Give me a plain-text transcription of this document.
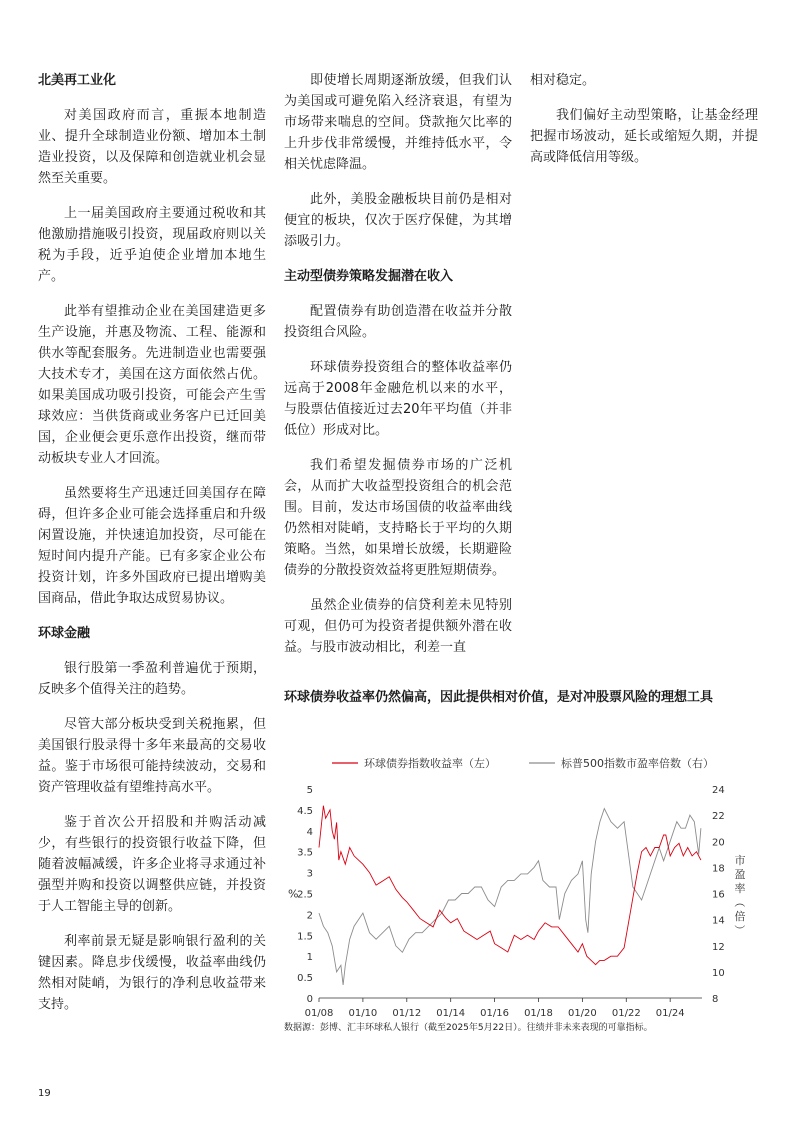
北美再工业化

对美国政府而言，重振本地制造业、提升全球制造业份额、增加本土制造业投资，以及保障和创造就业机会显然至关重要。

上一届美国政府主要通过税收和其他激励措施吸引投资，现届政府则以关税为手段，近乎迫使企业增加本地生产。

此举有望推动企业在美国建造更多生产设施，并惠及物流、工程、能源和供水等配套服务。先进制造业也需要强大技术专才，美国在这方面依然占优。如果美国成功吸引投资，可能会产生雪球效应：当供货商或业务客户已迁回美国，企业便会更乐意作出投资，继而带动板块专业人才回流。

虽然要将生产迅速迁回美国存在障碍，但许多企业可能会选择重启和升级闲置设施，并快速追加投资，尽可能在短时间内提升产能。已有多家企业公布投资计划，许多外国政府已提出增购美国商品，借此争取达成贸易协议。

环球金融

银行股第一季盈利普遍优于预期，反映多个值得关注的趋势。

尽管大部分板块受到关税拖累，但美国银行股录得十多年来最高的交易收益。鉴于市场很可能持续波动，交易和资产管理收益有望维持高水平。

鉴于首次公开招股和并购活动减少，有些银行的投资银行收益下降，但随着波幅减缓，许多企业将寻求通过补强型并购和投资以调整供应链，并投资于人工智能主导的创新。

利率前景无疑是影响银行盈利的关键因素。降息步伐缓慢，收益率曲线仍然相对陡峭，为银行的净利息收益带来支持。

即使增长周期逐渐放缓，但我们认为美国或可避免陷入经济衰退，有望为市场带来喘息的空间。贷款拖欠比率的上升步伐非常缓慢，并维持低水平，令相关忧虑降温。

此外，美股金融板块目前仍是相对便宜的板块，仅次于医疗保健，为其增添吸引力。

主动型债券策略发掘潜在收入

配置债券有助创造潜在收益并分散投资组合风险。

环球债券投资组合的整体收益率仍远高于2008年金融危机以来的水平，与股票估值接近过去20年平均值（并非低位）形成对比。

我们希望发掘债券市场的广泛机会，从而扩大收益型投资组合的机会范围。目前，发达市场国债的收益率曲线仍然相对陡峭，支持略长于平均的久期策略。当然，如果增长放缓，长期避险债券的分散投资效益将更胜短期债券。

虽然企业债券的信贷利差未见特别可观，但仍可为投资者提供额外潜在收益。与股市波动相比，利差一直

相对稳定。

我们偏好主动型策略，让基金经理把握市场波动，延长或缩短久期，并提高或降低信用等级。

环球债券收益率仍然偏高，因此提供相对价值，是对冲股票风险的理想工具

环球债券指数收益率（左）	标普500指数市盈率倍数（右）
0
0.5
1
1.5
2
2.5
3
3.5
4
4.5
5
%
8
10
12
14
16
18
20
22
24
市
盈
率
（
倍
）
01/08 01/10 01/12 01/14 01/16 01/18 01/20 01/22 01/24
数据源：彭博、汇丰环球私人银行（截至2025年5月22日）。往绩并非未来表现的可靠指标。
19
